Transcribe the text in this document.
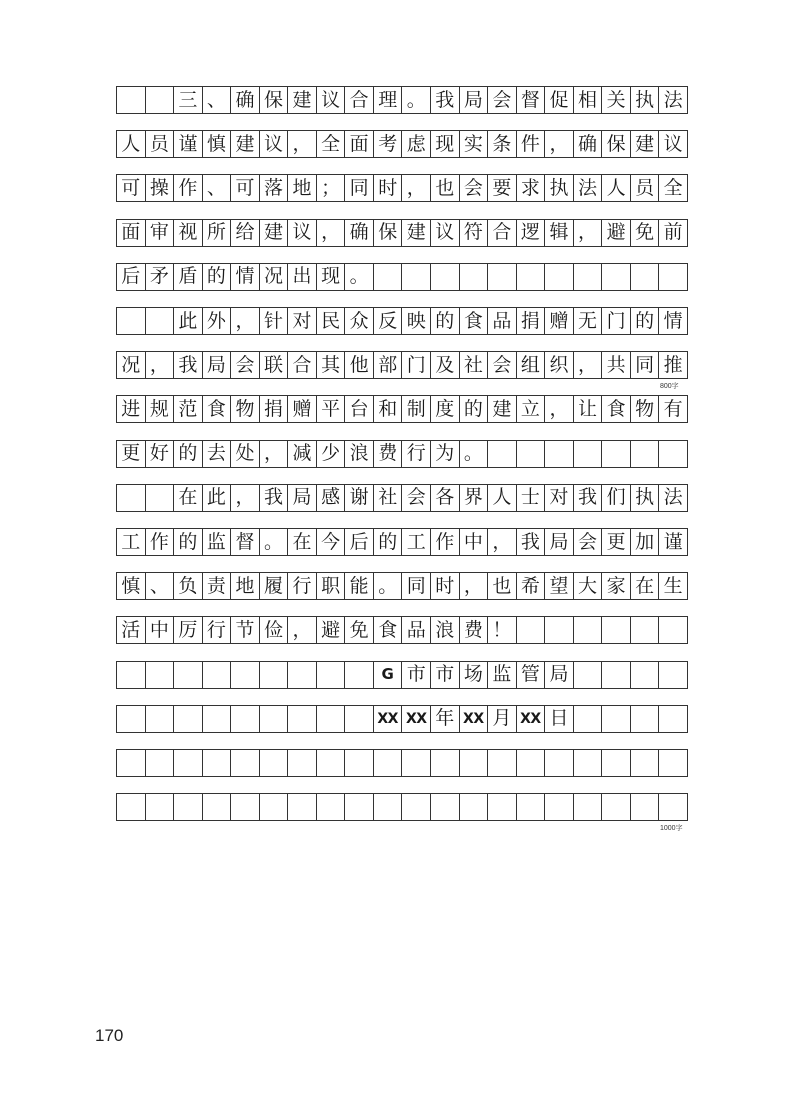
三 、 确 保 建 议 合 理 。 我 局 会 督 促 相 关 执 法
人 员 谨 慎 建 议 ， 全 面 考 虑 现 实 条 件 ， 确 保 建 议
可 操 作 、 可 落 地 ； 同 时 ， 也 会 要 求 执 法 人 员 全
面 审 视 所 给 建 议 ， 确 保 建 议 符 合 逻 辑 ， 避 免 前
后 矛 盾 的 情 况 出 现 。
此 外 ， 针 对 民 众 反 映 的 食 品 捐 赠 无 门 的 情
况 ， 我 局 会 联 合 其 他 部 门 及 社 会 组 织 ， 共 同 推
进 规 范 食 物 捐 赠 平 台 和 制 度 的 建 立 ， 让 食 物 有
更 好 的 去 处 ， 减 少 浪 费 行 为 。
在 此 ， 我 局 感 谢 社 会 各 界 人 士 对 我 们 执 法
工 作 的 监 督 。 在 今 后 的 工 作 中 ， 我 局 会 更 加 谨
慎 、 负 责 地 履 行 职 能 。 同 时 ， 也 希 望 大 家 在 生
活 中 厉 行 节 俭 ， 避 免 食 品 浪 费 ！
G 市 市 场 监 管 局
XX XX 年 XX 月 XX 日
800字
1000字
170
